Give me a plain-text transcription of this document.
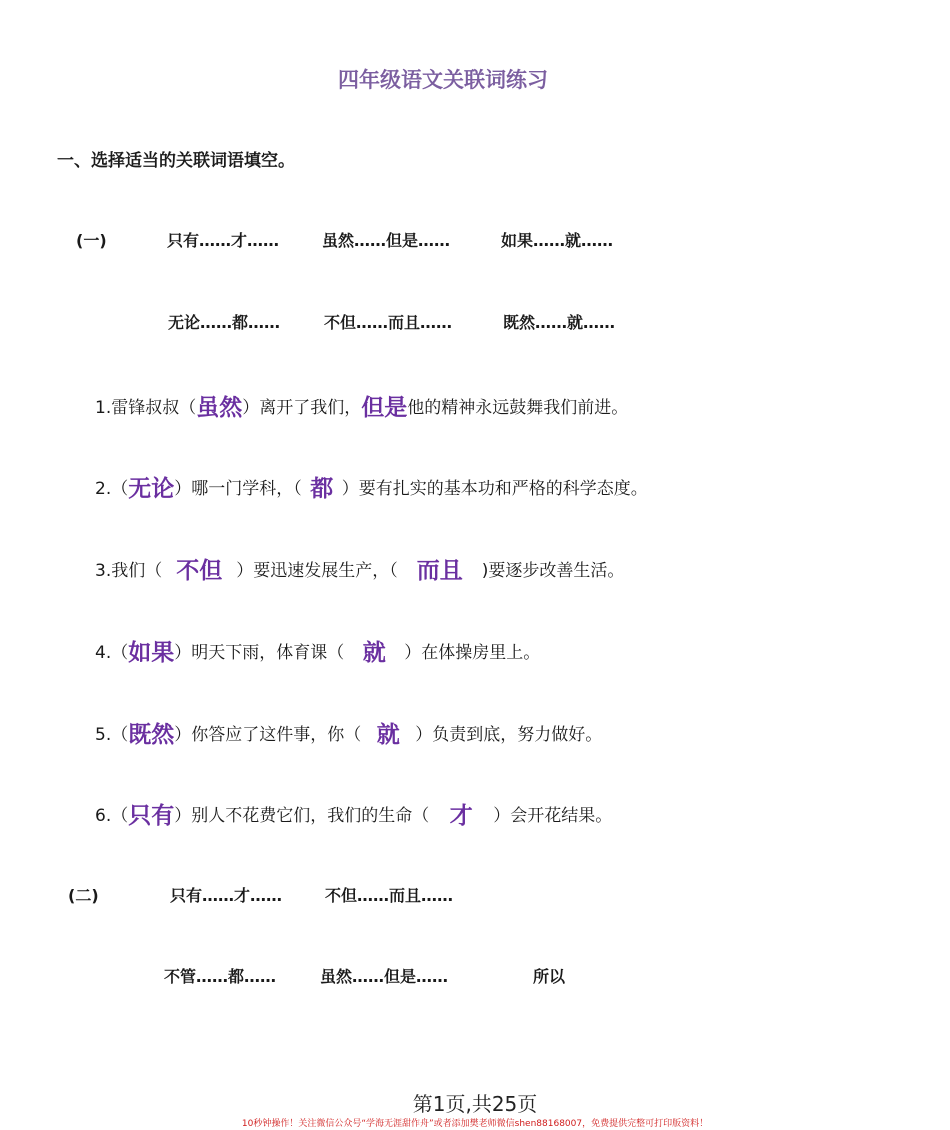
四年级语文关联词练习
一、选择适当的关联词语填空。
(一)	只有……才……	虽然……但是……	如果……就……
无论……都……	不但……而且……	既然……就……
1.雷锋叔叔（虽然）离开了我们，但是他的精神永远鼓舞我们前进。
2.（无论）哪一门学科，（ 都 ）要有扎实的基本功和严格的科学态度。
3.我们（ 不但 ）要迅速发展生产，（ 而且 )要逐步改善生活。
4.（如果）明天下雨，体育课（ 就 ）在体操房里上。
5.（既然）你答应了这件事，你（ 就 ）负责到底，努力做好。
6.（只有）别人不花费它们，我们的生命（ 才 ）会开花结果。
(二)	只有……才……	不但……而且……
不管……都……	虽然……但是……	所以
第1页,共25页
10秒钟操作！关注微信公众号“学海无涯甜作舟”或者添加樊老师微信shen88168007，免费提供完整可打印版资料！
